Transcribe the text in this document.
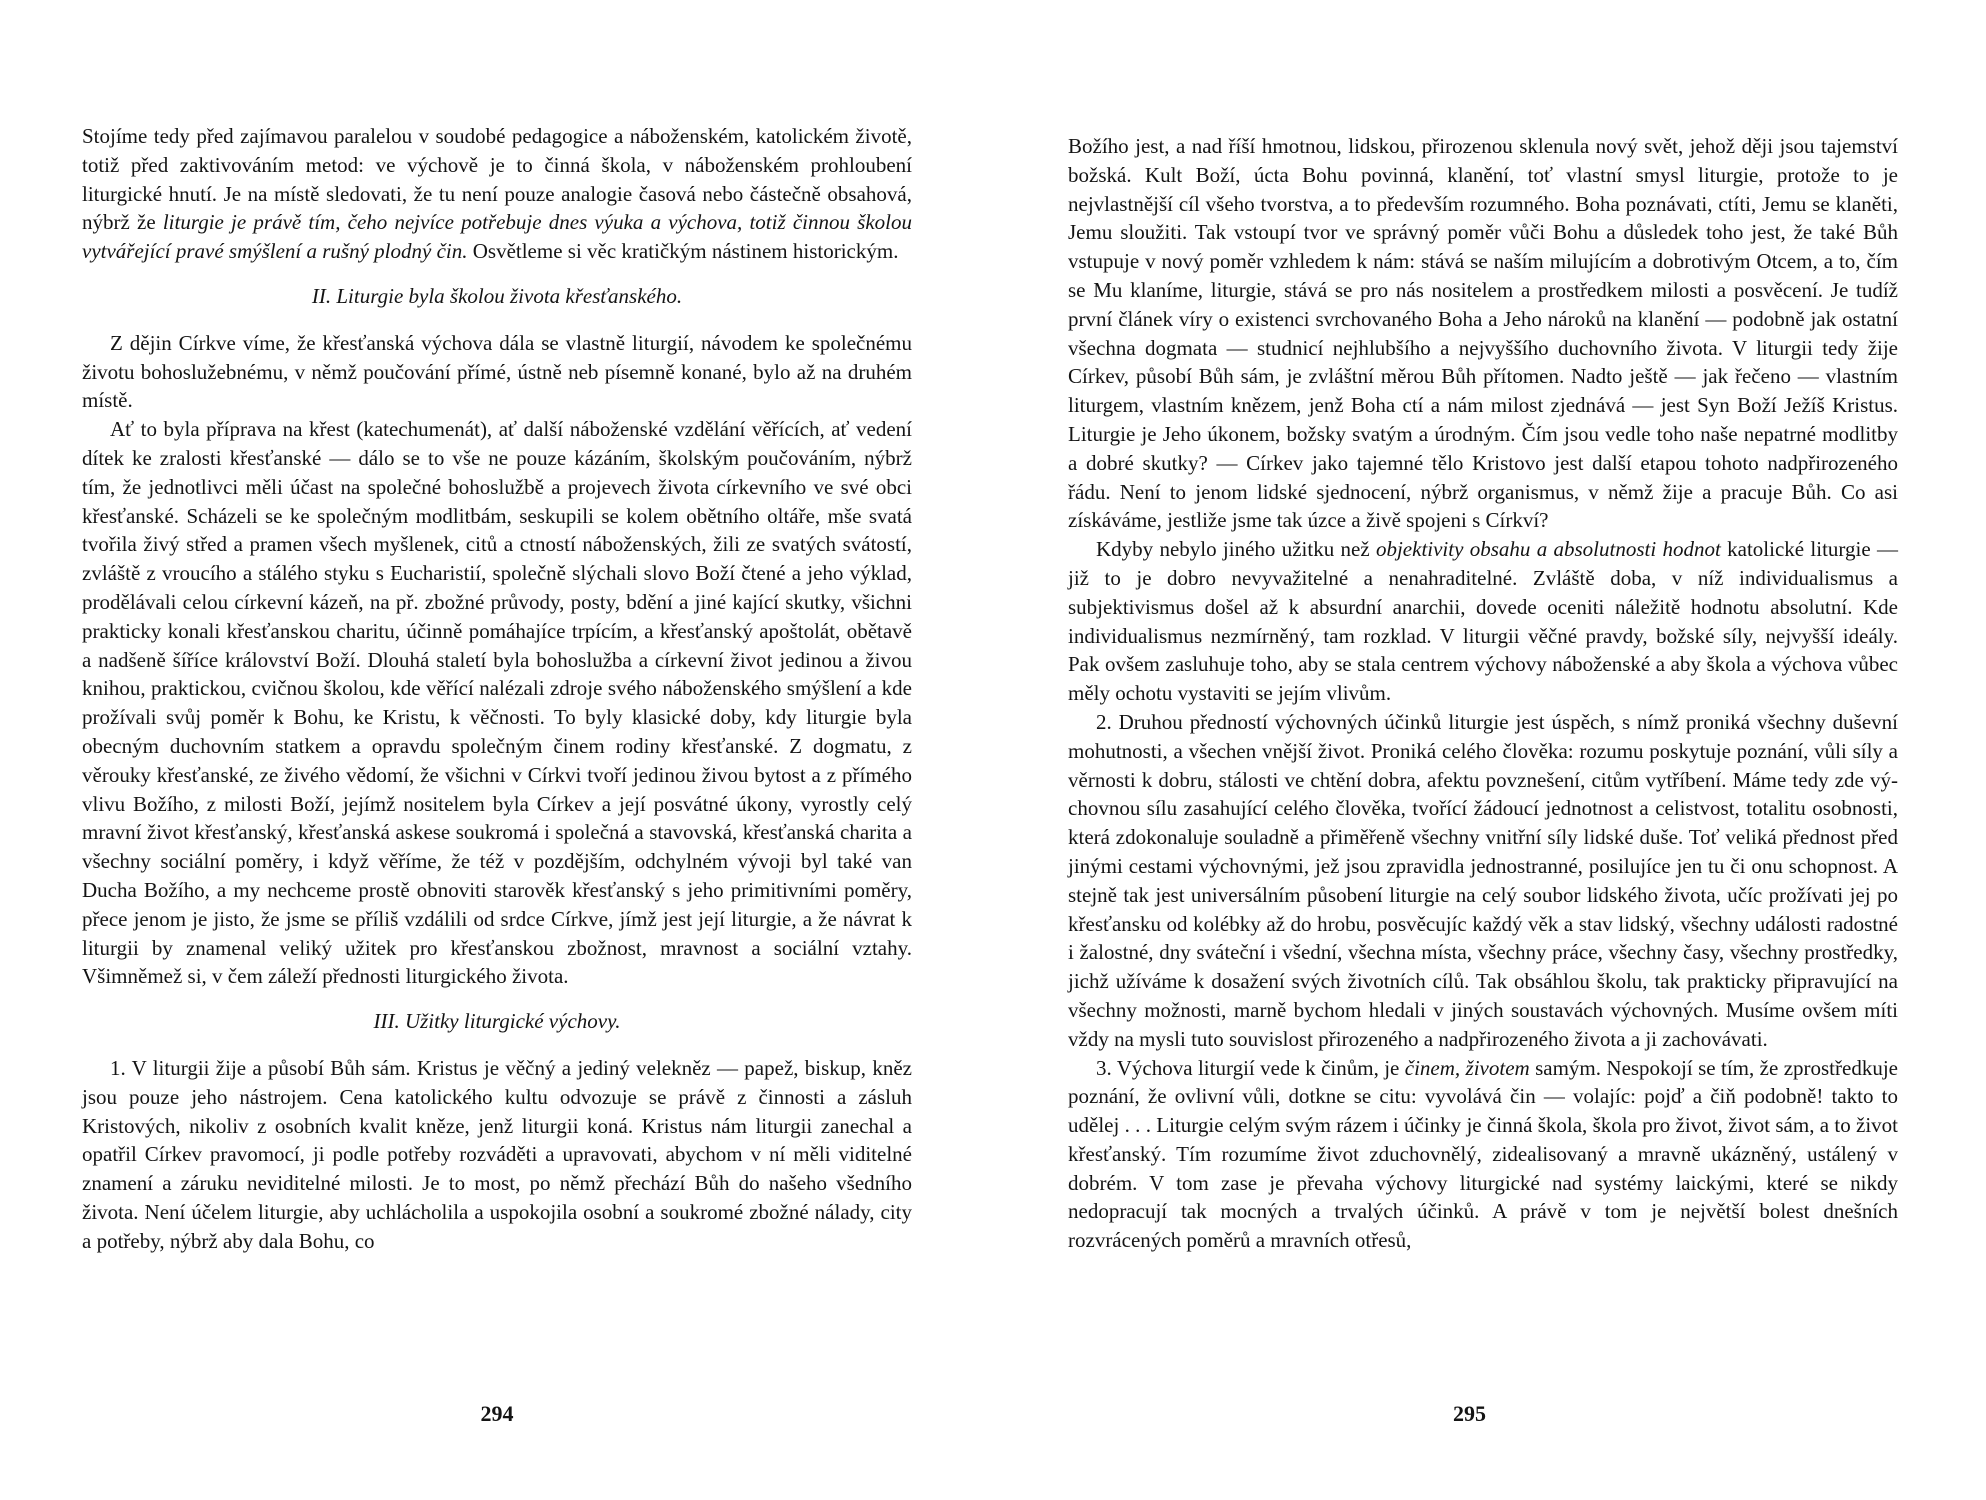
Stojíme tedy před zajímavou paralelou v soudobé pedagogice a náboženském, katolickém životě, totiž před zaktivováním metod: ve výchově je to činná škola, v náboženském prohloubení liturgické hnutí. Je na místě sledovati, že tu není pouze analogie časová nebo částečně obsahová, nýbrž že liturgie je právě tím, čeho nejvíce potřebuje dnes výuka a výchova, totiž činnou školou vytvářející pravé smýšlení a rušný plodný čin. Osvětleme si věc kratičkým nástinem historickým.

II. Liturgie byla školou života křesťanského.

Z dějin Církve víme, že křesťanská výchova dála se vlastně liturgií, návodem ke společnému životu bohoslužebnému, v němž poučování přímé, ústně neb písemně konané, bylo až na druhém místě.

Ať to byla příprava na křest (katechumenát), ať další náboženské vzdělání věřících, ať vedení dítek ke zralosti křesťanské — dálo se to vše ne pouze kázáním, školským poučováním, nýbrž tím, že jednotlivci měli účast na společné bohoslužbě a projevech života církevního ve své obci křesťanské. Scházeli se ke společným modlitbám, seskupili se kolem obětního oltáře, mše svatá tvořila živý střed a pramen všech myšlenek, citů a ctností náboženských, žili ze svatých svátostí, zvláště z vroucího a stálého styku s Eucharistií, společně slýchali slovo Boží čtené a jeho výklad, prodělávali celou církevní kázeň, na př. zbožné průvody, posty, bdění a jiné kající skutky, všichni prakticky konali křesťanskou charitu, účinně pomáhajíce trpícím, a křesťanský apoštolát, obětavě a nadšeně šíříce království Boží. Dlouhá staletí byla bohoslužba a církevní život jedinou a živou knihou, praktickou, cvičnou školou, kde věřící nalézali zdroje svého náboženského smýšlení a kde prožívali svůj poměr k Bohu, ke Kristu, k věčnosti. To byly klasické doby, kdy liturgie byla obecným duchovním statkem a opravdu společným činem rodiny křesťanské. Z dogmatu, z věrouky křesťanské, ze živého vědomí, že všichni v Církvi tvoří jedinou živou bytost a z přímého vlivu Božího, z milosti Boží, jejímž nositelem byla Církev a její posvátné úkony, vyrostly celý mravní život křesťanský, křesťanská askese soukromá i společná a stavovská, křesťanská charita a všechny sociální poměry, i když věříme, že též v pozdějším, odchylném vývoji byl také van Ducha Božího, a my nechceme prostě obnoviti starověk křesťanský s jeho primitivními poměry, přece jenom je jisto, že jsme se příliš vzdálili od srdce Církve, jímž jest její liturgie, a že návrat k liturgii by znamenal veliký užitek pro křesťanskou zbožnost, mravnost a sociální vztahy. Všimněmež si, v čem záleží přednosti liturgického života.

III. Užitky liturgické výchovy.

1. V liturgii žije a působí Bůh sám. Kristus je věčný a jediný velekněz — papež, biskup, kněz jsou pouze jeho nástrojem. Cena katolického kultu odvozuje se právě z činnosti a zásluh Kristových, nikoliv z osobních kvalit kněze, jenž liturgii koná. Kristus nám liturgii zanechal a opatřil Církev pravomocí, ji podle potřeby rozváděti a upravovati, abychom v ní měli viditelné znamení a záruku neviditelné milosti. Je to most, po němž přechází Bůh do našeho všedního života. Není účelem liturgie, aby uchlácholila a uspokojila osobní a soukromé zbožné nálady, city a potřeby, nýbrž aby dala Bohu, co

294

Božího jest, a nad říší hmotnou, lidskou, přirozenou sklenula nový svět, jehož ději jsou tajemství božská. Kult Boží, úcta Bohu povinná, klanění, toť vlastní smysl liturgie, protože to je nejvlastnější cíl všeho tvorstva, a to především rozumného. Boha poznávati, ctíti, Jemu se klaněti, Jemu sloužiti. Tak vstoupí tvor ve správný poměr vůči Bohu a důsledek toho jest, že také Bůh vstupuje v nový poměr vzhledem k nám: stává se naším milujícím a dobrotivým Otcem, a to, čím se Mu klaníme, liturgie, stává se pro nás nositelem a prostředkem milosti a posvěcení. Je tudíž první článek víry o existenci svrchovaného Boha a Jeho nároků na klanění — podobně jak ostatní všechna dogmata — studnicí nejhlubšího a nejvyššího duchovního života. V liturgii tedy žije Církev, působí Bůh sám, je zvláštní měrou Bůh přítomen. Nadto ještě — jak řečeno — vlastním liturgem, vlastním knězem, jenž Boha ctí a nám milost zjednává — jest Syn Boží Ježíš Kristus. Liturgie je Jeho úkonem, božsky svatým a úrodným. Čím jsou vedle toho naše nepatrné modlitby a dobré skutky? — Církev jako tajemné tělo Kristovo jest další etapou tohoto nadpřirozeného řádu. Není to jenom lidské sjednocení, nýbrž organismus, v němž žije a pracuje Bůh. Co asi získáváme, jestliže jsme tak úzce a živě spojeni s Církví?

Kdyby nebylo jiného užitku než objektivity obsahu a absolutnosti hodnot katolické liturgie — již to je dobro nevyvažitelné a nenahraditelné. Zvláště doba, v níž individualismus a subjektivismus došel až k absurdní anarchii, dovede oceniti náležitě hodnotu absolutní. Kde individualismus nezmírněný, tam rozklad. V liturgii věčné pravdy, božské síly, nejvyšší ideály. Pak ovšem zasluhuje toho, aby se stala centrem výchovy náboženské a aby škola a výchova vůbec měly ochotu vystaviti se jejím vlivům.

2. Druhou předností výchovných účinků liturgie jest úspěch, s nímž proniká všechny duševní mohutnosti, a všechen vnější život. Proniká celého člověka: rozumu poskytuje poznání, vůli síly a věrnosti k dobru, stálosti ve chtění dobra, afektu povznešení, citům vytříbení. Máme tedy zde výchovnou sílu zasahující celého člověka, tvořící žádoucí jednotnost a celistvost, totalitu osobnosti, která zdokonaluje souladně a přiměřeně všechny vnitřní síly lidské duše. Toť veliká přednost před jinými cestami výchovnými, jež jsou zpravidla jednostranné, posilujíce jen tu či onu schopnost. A stejně tak jest universálním působení liturgie na celý soubor lidského života, učíc prožívati jej po křesťansku od kolébky až do hrobu, posvěcujíc každý věk a stav lidský, všechny události radostné i žalostné, dny sváteční i všední, všechna místa, všechny práce, všechny časy, všechny prostředky, jichž užíváme k dosažení svých životních cílů. Tak obsáhlou školu, tak prakticky připravující na všechny možnosti, marně bychom hledali v jiných soustavách výchovných. Musíme ovšem míti vždy na mysli tuto souvislost přirozeného a nadpřirozeného života a ji zachovávati.

3. Výchova liturgií vede k činům, je činem, životem samým. Nespokojí se tím, že zprostředkuje poznání, že ovlivní vůli, dotkne se citu: vyvolává čin — volajíc: pojď a čiň podobně! takto to udělej . . . Liturgie celým svým rázem i účinky je činná škola, škola pro život, život sám, a to život křesťanský. Tím rozumíme život zduchovnělý, zidealisovaný a mravně ukázněný, ustálený v dobrém. V tom zase je převaha výchovy liturgické nad systémy laickými, které se nikdy nedopracují tak mocných a trvalých účinků. A právě v tom je největší bolest dnešních rozvrácených poměrů a mravních otřesů,

295
